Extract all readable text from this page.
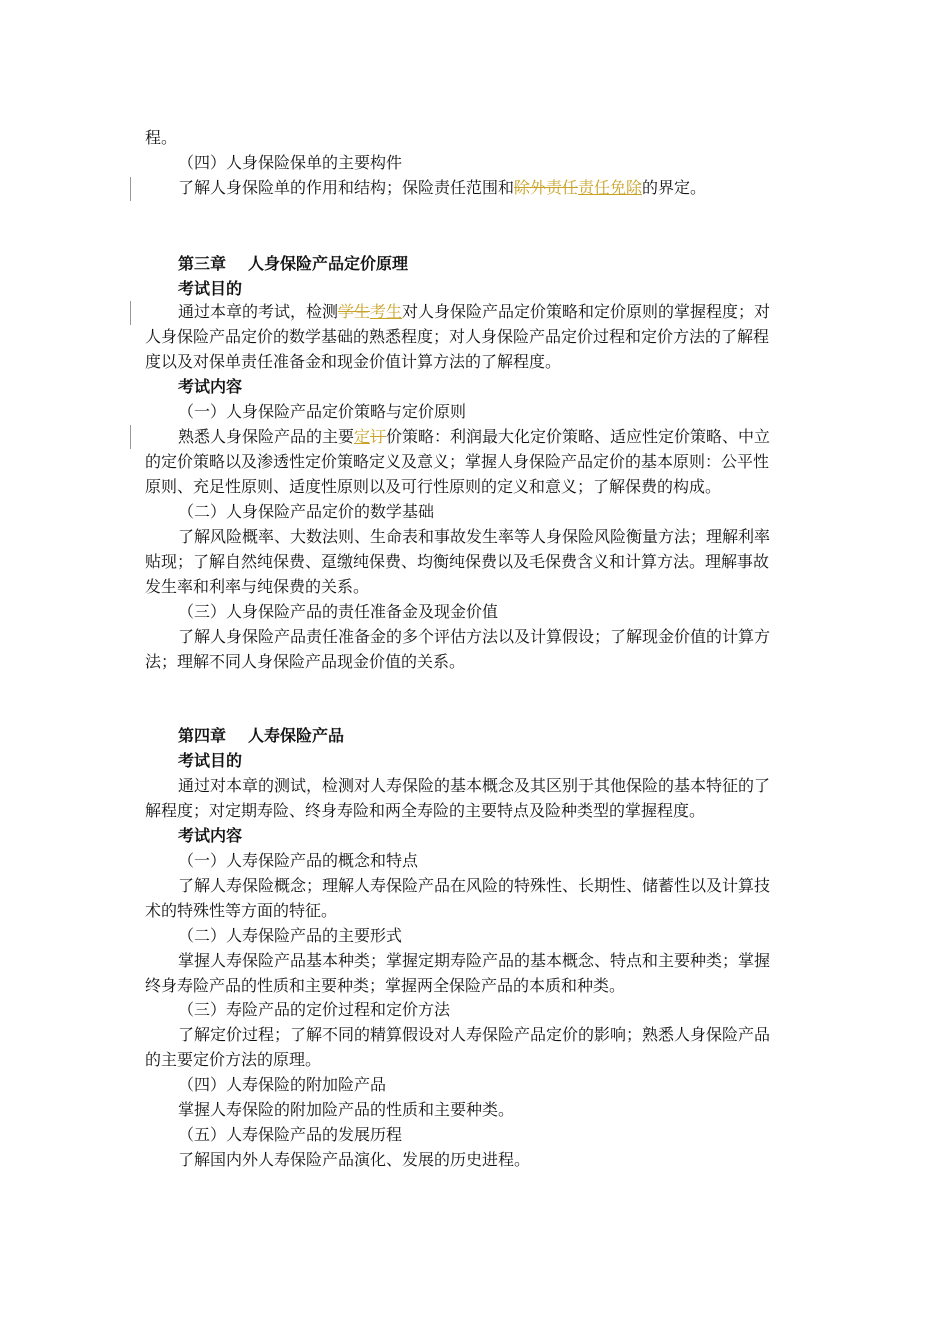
程。
（四）人身保险保单的主要构件
了解人身保险单的作用和结构；保险责任范围和除外责任责任免除的界定。
第三章 人身保险产品定价原理
考试目的
通过本章的考试，检测学生考生对人身保险产品定价策略和定价原则的掌握程度；对
人身保险产品定价的数学基础的熟悉程度；对人身保险产品定价过程和定价方法的了解程
度以及对保单责任准备金和现金价值计算方法的了解程度。
考试内容
（一）人身保险产品定价策略与定价原则
熟悉人身保险产品的主要定订价策略：利润最大化定价策略、适应性定价策略、中立
的定价策略以及渗透性定价策略定义及意义；掌握人身保险产品定价的基本原则：公平性
原则、充足性原则、适度性原则以及可行性原则的定义和意义；了解保费的构成。
（二）人身保险产品定价的数学基础
了解风险概率、大数法则、生命表和事故发生率等人身保险风险衡量方法；理解利率
贴现；了解自然纯保费、趸缴纯保费、均衡纯保费以及毛保费含义和计算方法。理解事故
发生率和利率与纯保费的关系。
（三）人身保险产品的责任准备金及现金价值
了解人身保险产品责任准备金的多个评估方法以及计算假设；了解现金价值的计算方
法；理解不同人身保险产品现金价值的关系。
第四章 人寿保险产品
考试目的
通过对本章的测试，检测对人寿保险的基本概念及其区别于其他保险的基本特征的了
解程度；对定期寿险、终身寿险和两全寿险的主要特点及险种类型的掌握程度。
考试内容
（一）人寿保险产品的概念和特点
了解人寿保险概念；理解人寿保险产品在风险的特殊性、长期性、储蓄性以及计算技
术的特殊性等方面的特征。
（二）人寿保险产品的主要形式
掌握人寿保险产品基本种类；掌握定期寿险产品的基本概念、特点和主要种类；掌握
终身寿险产品的性质和主要种类；掌握两全保险产品的本质和种类。
（三）寿险产品的定价过程和定价方法
了解定价过程；了解不同的精算假设对人寿保险产品定价的影响；熟悉人身保险产品
的主要定价方法的原理。
（四）人寿保险的附加险产品
掌握人寿保险的附加险产品的性质和主要种类。
（五）人寿保险产品的发展历程
了解国内外人寿保险产品演化、发展的历史进程。
